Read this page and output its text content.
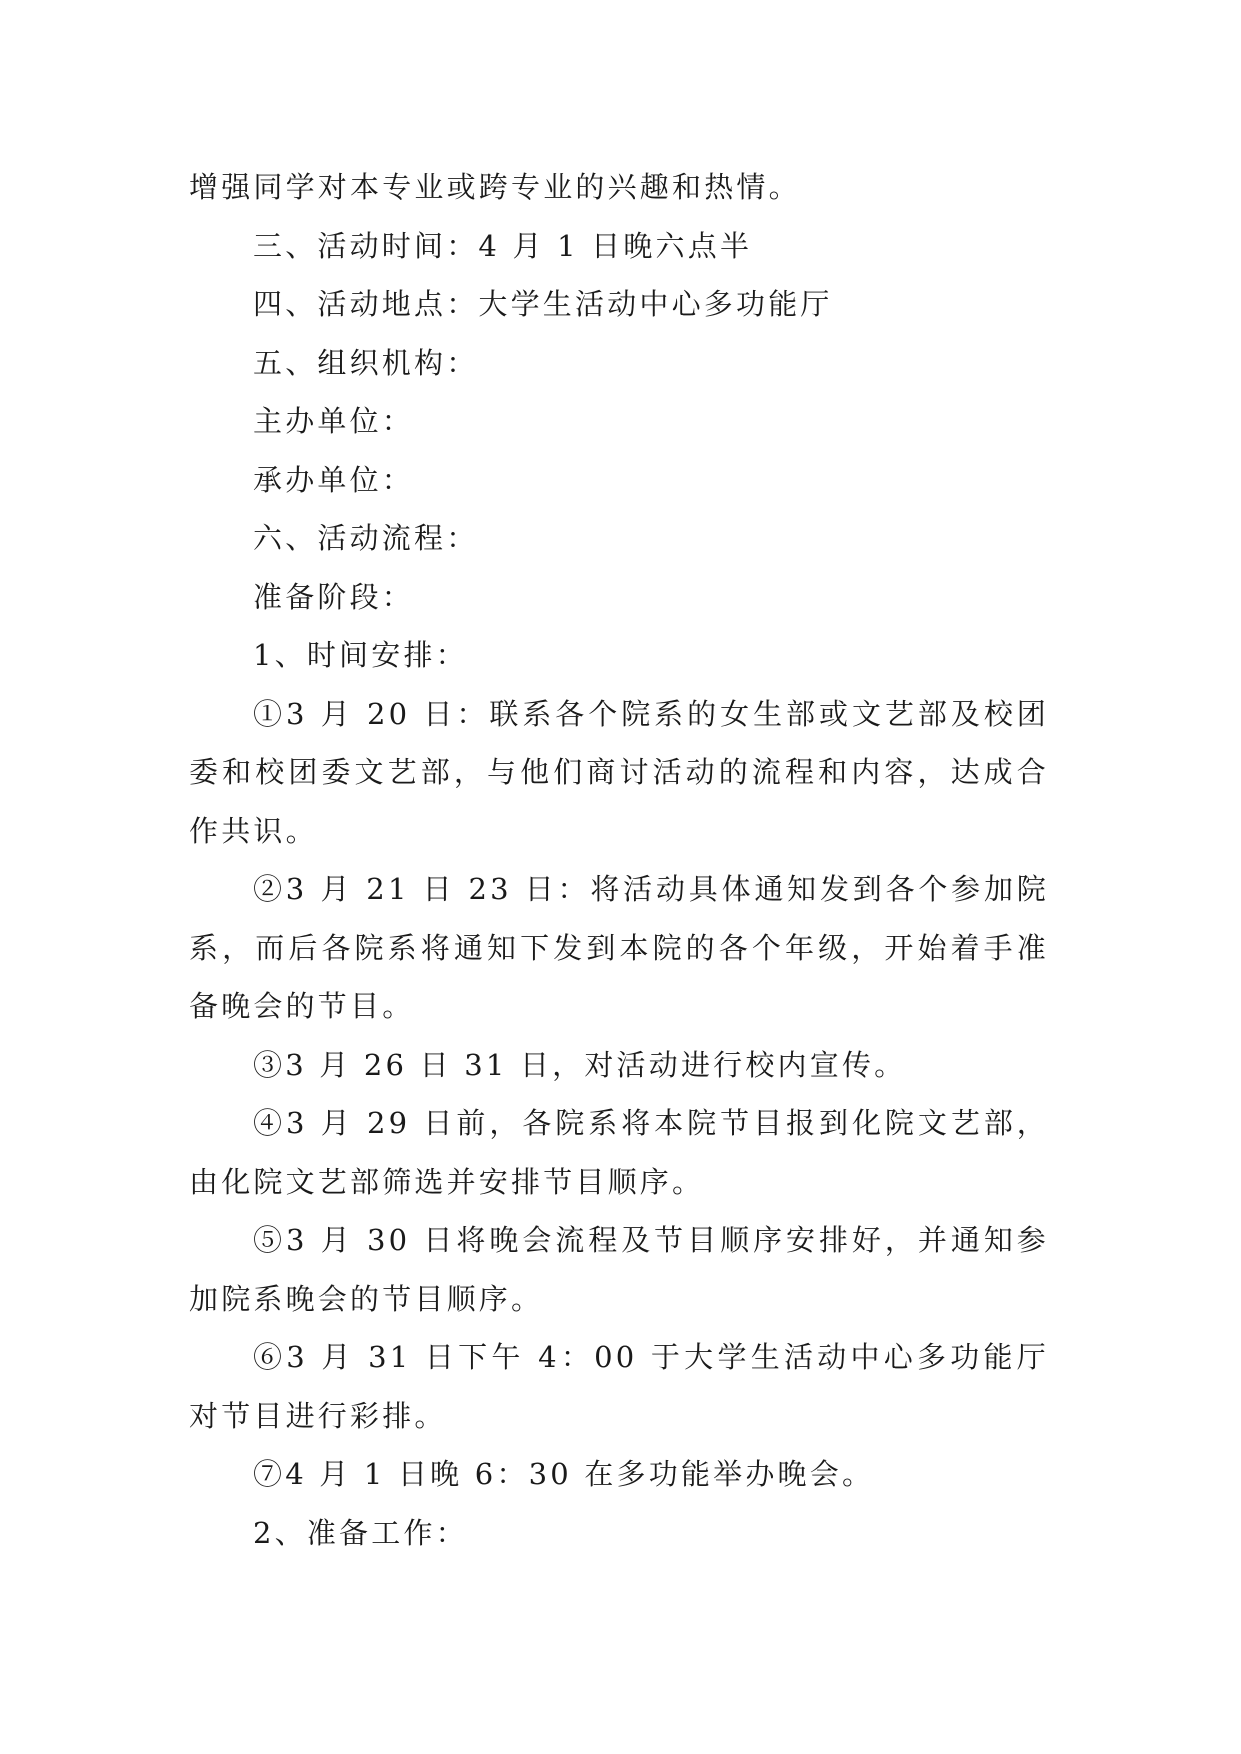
增强同学对本专业或跨专业的兴趣和热情。

三、活动时间：4 月 1 日晚六点半

四、活动地点：大学生活动中心多功能厅

五、组织机构：

主办单位：

承办单位：

六、活动流程：

准备阶段：

1、时间安排：

①3 月 20 日：联系各个院系的女生部或文艺部及校团委和校团委文艺部，与他们商讨活动的流程和内容，达成合作共识。

②3 月 21 日 23 日：将活动具体通知发到各个参加院系，而后各院系将通知下发到本院的各个年级，开始着手准备晚会的节目。

③3 月 26 日 31 日，对活动进行校内宣传。

④3 月 29 日前，各院系将本院节目报到化院文艺部，由化院文艺部筛选并安排节目顺序。

⑤3 月 30 日将晚会流程及节目顺序安排好，并通知参加院系晚会的节目顺序。

⑥3 月 31 日下午 4：00 于大学生活动中心多功能厅对节目进行彩排。

⑦4 月 1 日晚 6：30 在多功能举办晚会。

2、准备工作：
